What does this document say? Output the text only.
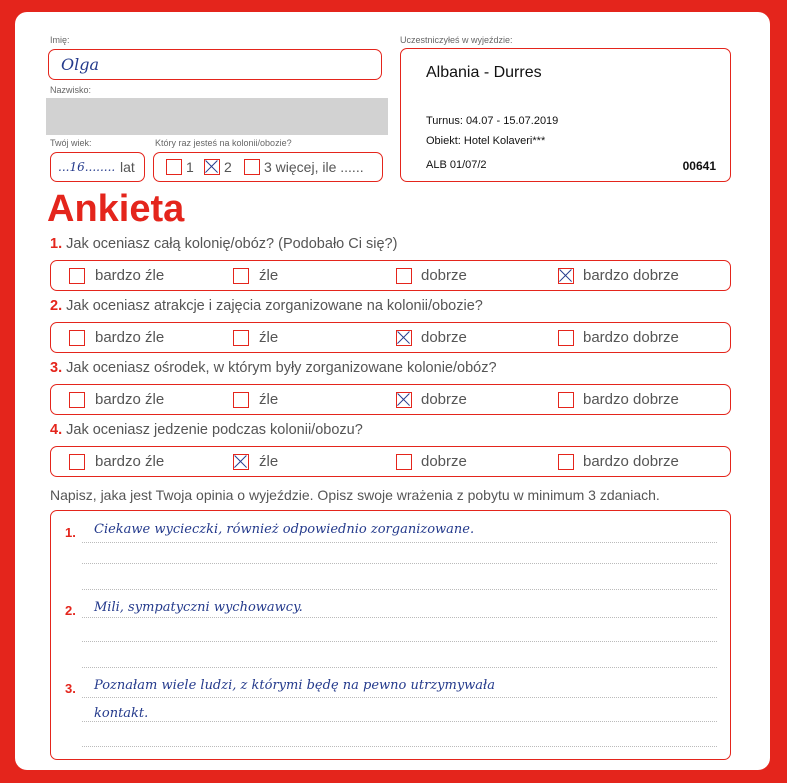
Imię:
Olga
Nazwisko:
Twój wiek:
...16........ lat
Który raz jesteś na kolonii/obozie?
1 2 3 więcej, ile ......
Uczestniczyłeś w wyjeździe:
Albania - Durres
Turnus: 04.07 - 15.07.2019
Obiekt: Hotel Kolaveri***
ALB 01/07/2	00641
Ankieta
1. Jak oceniasz całą kolonię/obóz? (Podobało Ci się?)
bardzo źle	źle	dobrze	bardzo dobrze
2. Jak oceniasz atrakcje i zajęcia zorganizowane na kolonii/obozie?
bardzo źle	źle	dobrze	bardzo dobrze
3. Jak oceniasz ośrodek, w którym były zorganizowane kolonie/obóz?
bardzo źle	źle	dobrze	bardzo dobrze
4. Jak oceniasz jedzenie podczas kolonii/obozu?
bardzo źle	źle	dobrze	bardzo dobrze
Napisz, jaka jest Twoja opinia o wyjeździe. Opisz swoje wrażenia z pobytu w minimum 3 zdaniach.
1. Ciekawe wycieczki, również odpowiednio zorganizowane.
2. Mili, sympatyczni wychowawcy.
3. Poznałam wiele ludzi, z którymi będę na pewno utrzymywała
kontakt.
